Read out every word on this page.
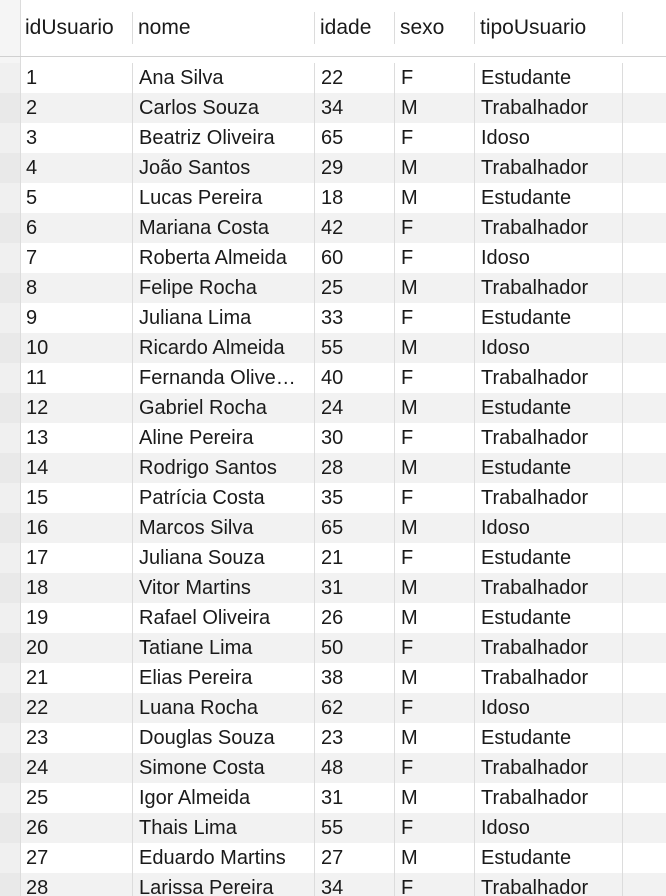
idUsuario	nome	idade	sexo	tipoUsuario
1	Ana Silva	22	F	Estudante
2	Carlos Souza	34	M	Trabalhador
3	Beatriz Oliveira	65	F	Idoso
4	João Santos	29	M	Trabalhador
5	Lucas Pereira	18	M	Estudante
6	Mariana Costa	42	F	Trabalhador
7	Roberta Almeida	60	F	Idoso
8	Felipe Rocha	25	M	Trabalhador
9	Juliana Lima	33	F	Estudante
10	Ricardo Almeida	55	M	Idoso
11	Fernanda Olive…	40	F	Trabalhador
12	Gabriel Rocha	24	M	Estudante
13	Aline Pereira	30	F	Trabalhador
14	Rodrigo Santos	28	M	Estudante
15	Patrícia Costa	35	F	Trabalhador
16	Marcos Silva	65	M	Idoso
17	Juliana Souza	21	F	Estudante
18	Vitor Martins	31	M	Trabalhador
19	Rafael Oliveira	26	M	Estudante
20	Tatiane Lima	50	F	Trabalhador
21	Elias Pereira	38	M	Trabalhador
22	Luana Rocha	62	F	Idoso
23	Douglas Souza	23	M	Estudante
24	Simone Costa	48	F	Trabalhador
25	Igor Almeida	31	M	Trabalhador
26	Thais Lima	55	F	Idoso
27	Eduardo Martins	27	M	Estudante
28	Larissa Pereira	34	F	Trabalhador
